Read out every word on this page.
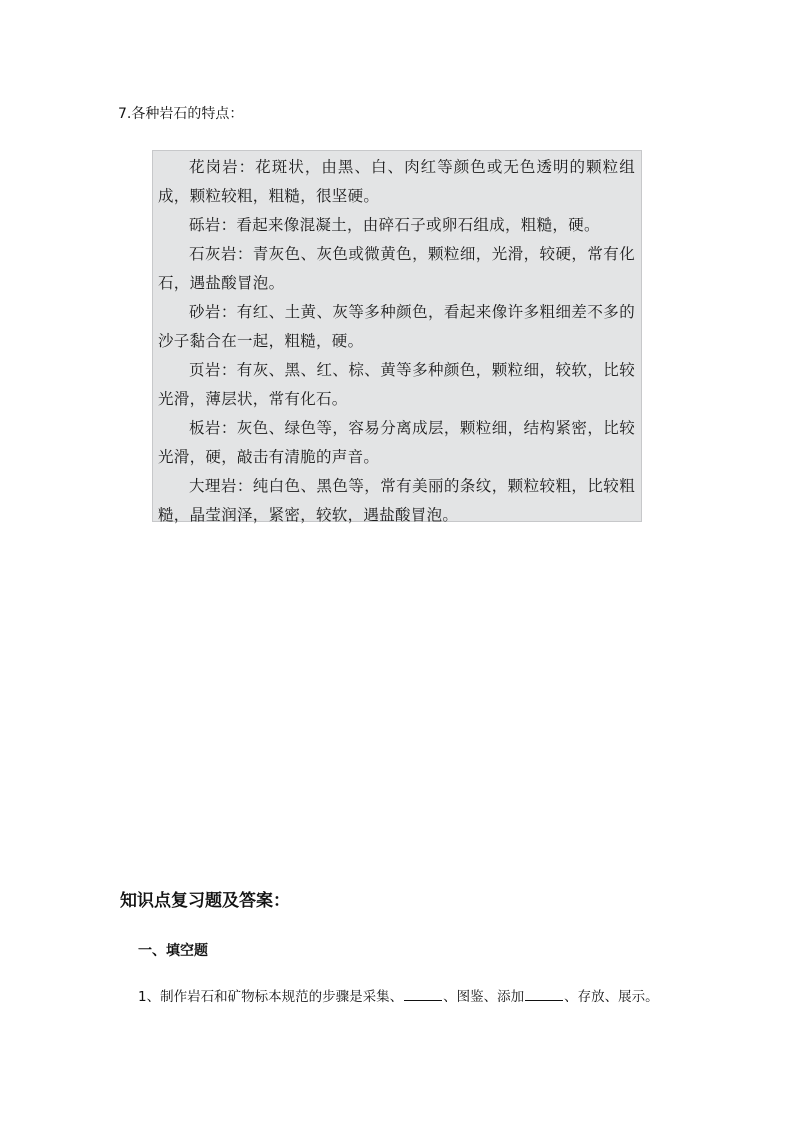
7.各种岩石的特点：

花岗岩：花斑状，由黑、白、肉红等颜色或无色透明的颗粒组成，颗粒较粗，粗糙，很坚硬。

砾岩：看起来像混凝土，由碎石子或卵石组成，粗糙，硬。

石灰岩：青灰色、灰色或微黄色，颗粒细，光滑，较硬，常有化石，遇盐酸冒泡。

砂岩：有红、土黄、灰等多种颜色，看起来像许多粗细差不多的沙子黏合在一起，粗糙，硬。

页岩：有灰、黑、红、棕、黄等多种颜色，颗粒细，较软，比较光滑，薄层状，常有化石。

板岩：灰色、绿色等，容易分离成层，颗粒细，结构紧密，比较光滑，硬，敲击有清脆的声音。

大理岩：纯白色、黑色等，常有美丽的条纹，颗粒较粗，比较粗糙，晶莹润泽，紧密，较软，遇盐酸冒泡。

知识点复习题及答案：
一、填空题
1、制作岩石和矿物标本规范的步骤是采集、	、图鉴、添加	、存放、展示。
